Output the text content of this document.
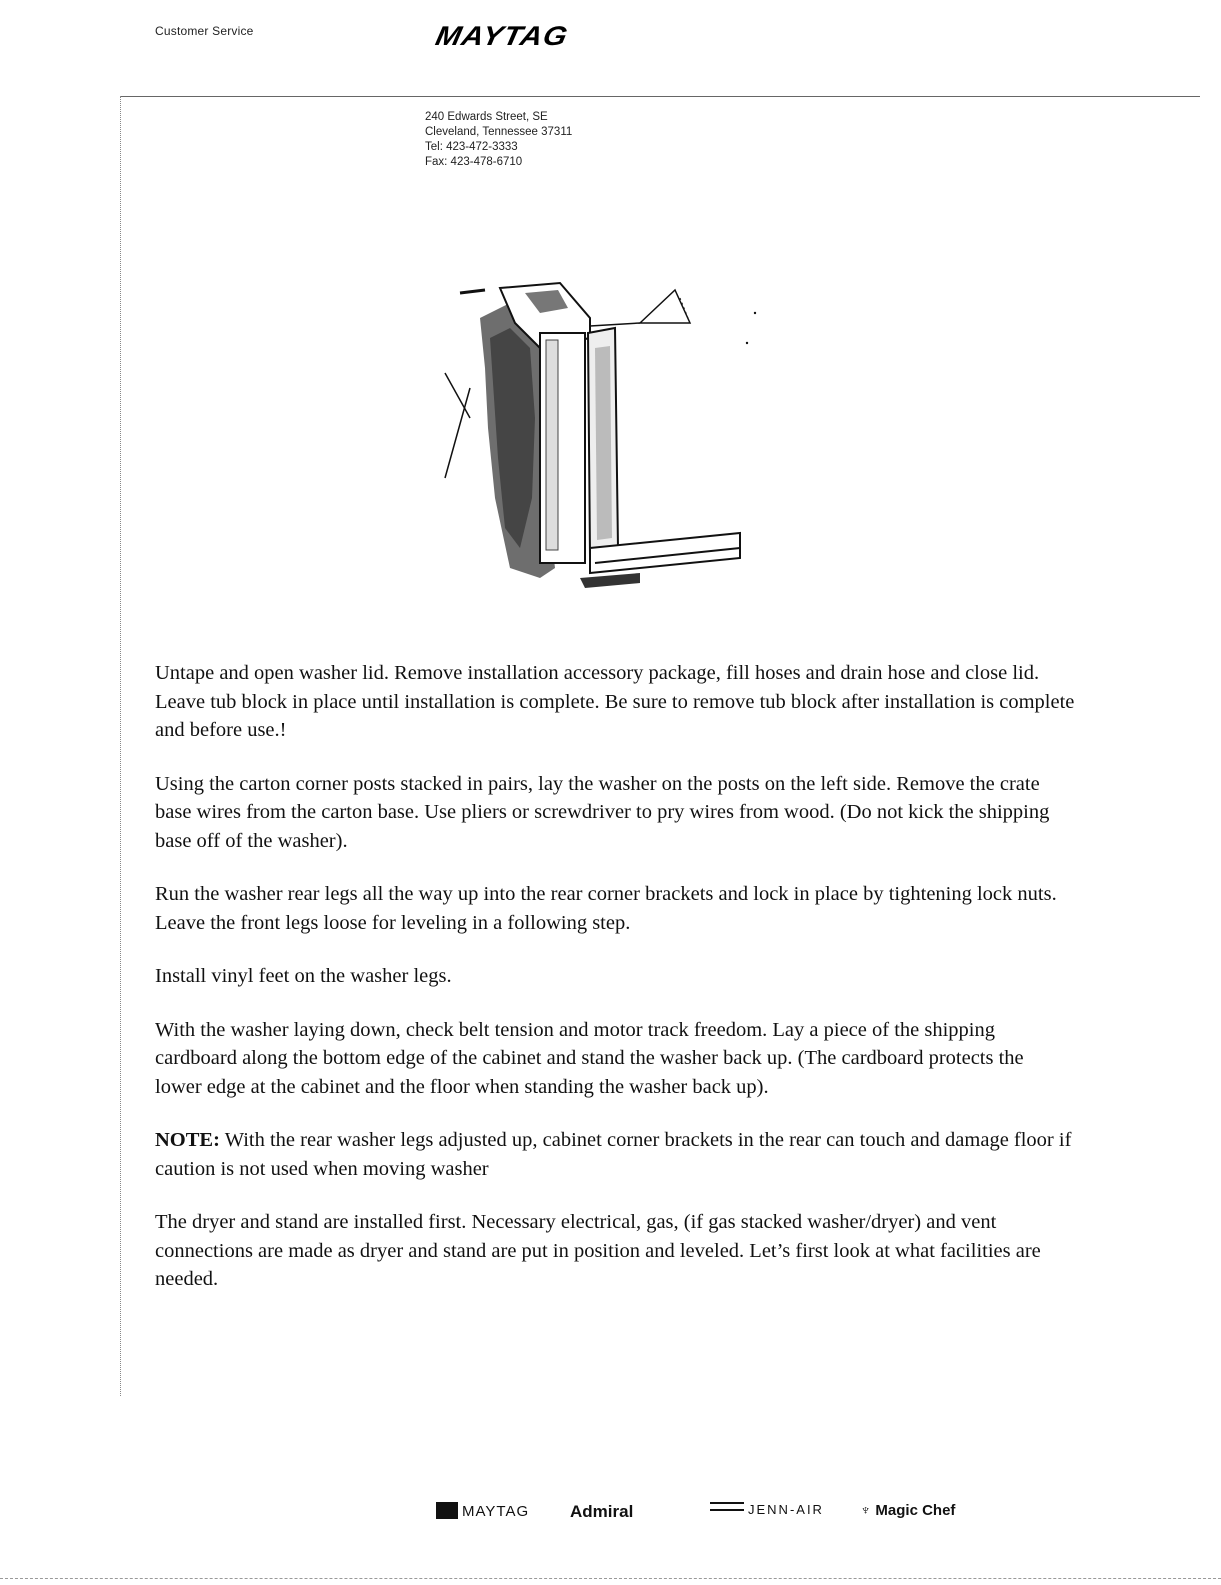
Customer Service	MAYTAG
240 Edwards Street, SE
Cleveland, Tennessee 37311
Tel: 423-472-3333
Fax: 423-478-6710

Untape and open washer lid. Remove installation accessory package, fill hoses and drain hose and close lid. Leave tub block in place until installation is complete. Be sure to remove tub block after installation is complete and before use.!

Using the carton corner posts stacked in pairs, lay the washer on the posts on the left side. Remove the crate base wires from the carton base. Use pliers or screwdriver to pry wires from wood. (Do not kick the shipping base off of the washer).

Run the washer rear legs all the way up into the rear corner brackets and lock in place by tightening lock nuts. Leave the front legs loose for leveling in a following step.

Install vinyl feet on the washer legs.

With the washer laying down, check belt tension and motor track freedom. Lay a piece of the shipping cardboard along the bottom edge of the cabinet and stand the washer back up. (The cardboard protects the lower edge at the cabinet and the floor when standing the washer back up).

NOTE: With the rear washer legs adjusted up, cabinet corner brackets in the rear can touch and damage floor if caution is not used when moving washer

The dryer and stand are installed first. Necessary electrical, gas, (if gas stacked washer/dryer) and vent connections are made as dryer and stand are put in position and leveled. Let’s first look at what facilities are needed.

MAYTAG Admiral	JENN-AIR ♆ Magic Chef
